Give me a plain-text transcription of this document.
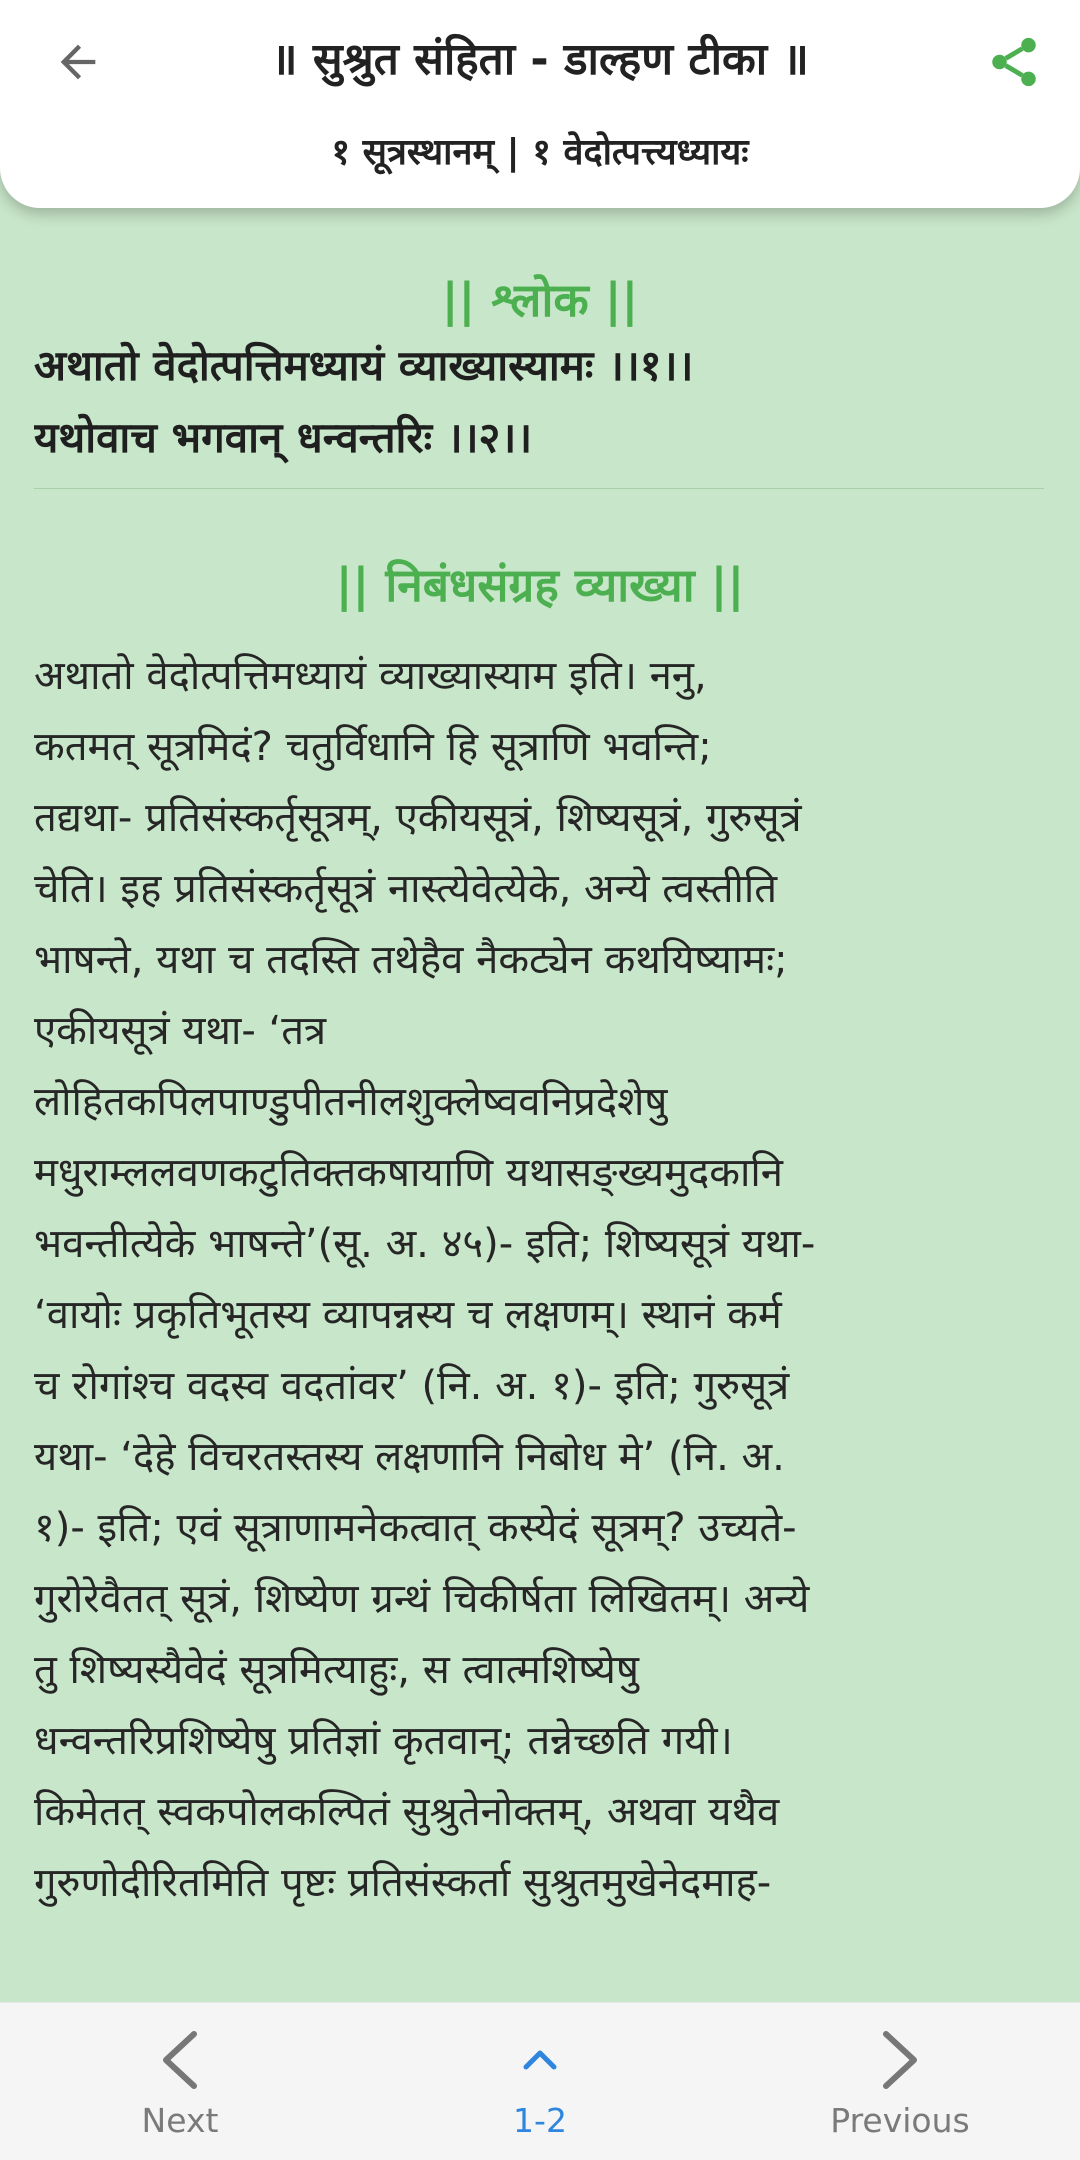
॥ सुश्रुत संहिता - डाल्हण टीका ॥
१ सूत्रस्थानम् | १ वेदोत्पत्त्यध्यायः
|| श्लोक ||
अथातो वेदोत्पत्तिमध्यायं व्याख्यास्यामः ।।१।।
यथोवाच भगवान् धन्वन्तरिः ।।२।।
|| निबंधसंग्रह व्याख्या ||
अथातो वेदोत्पत्तिमध्यायं व्याख्यास्याम इति। ननु,
कतमत् सूत्रमिदं? चतुर्विधानि हि सूत्राणि भवन्ति;
तद्यथा- प्रतिसंस्कर्तृसूत्रम्, एकीयसूत्रं, शिष्यसूत्रं, गुरुसूत्रं
चेति। इह प्रतिसंस्कर्तृसूत्रं नास्त्येवेत्येके, अन्ये त्वस्तीति
भाषन्ते, यथा च तदस्ति तथेहैव नैकट्येन कथयिष्यामः;
एकीयसूत्रं यथा- ‘तत्र
लोहितकपिलपाण्डुपीतनीलशुक्लेष्ववनिप्रदेशेषु
मधुराम्ललवणकटुतिक्तकषायाणि यथासङ्ख्यमुदकानि
भवन्तीत्येके भाषन्ते’(सू. अ. ४५)- इति; शिष्यसूत्रं यथा-
‘वायोः प्रकृतिभूतस्य व्यापन्नस्य च लक्षणम्। स्थानं कर्म
च रोगांश्च वदस्व वदतांवर’ (नि. अ. १)- इति; गुरुसूत्रं
यथा- ‘देहे विचरतस्तस्य लक्षणानि निबोध मे’ (नि. अ.
१)- इति; एवं सूत्राणामनेकत्वात् कस्येदं सूत्रम्? उच्यते-
गुरोरेवैतत् सूत्रं, शिष्येण ग्रन्थं चिकीर्षता लिखितम्। अन्ये
तु शिष्यस्यैवेदं सूत्रमित्याहुः, स त्वात्मशिष्येषु
धन्वन्तरिप्रशिष्येषु प्रतिज्ञां कृतवान्; तन्नेच्छति गयी।
किमेतत् स्वकपोलकल्पितं सुश्रुतेनोक्तम्, अथवा यथैव
गुरुणोदीरितमिति पृष्टः प्रतिसंस्कर्ता सुश्रुतमुखेनेदमाह-
Next	1-2	Previous
